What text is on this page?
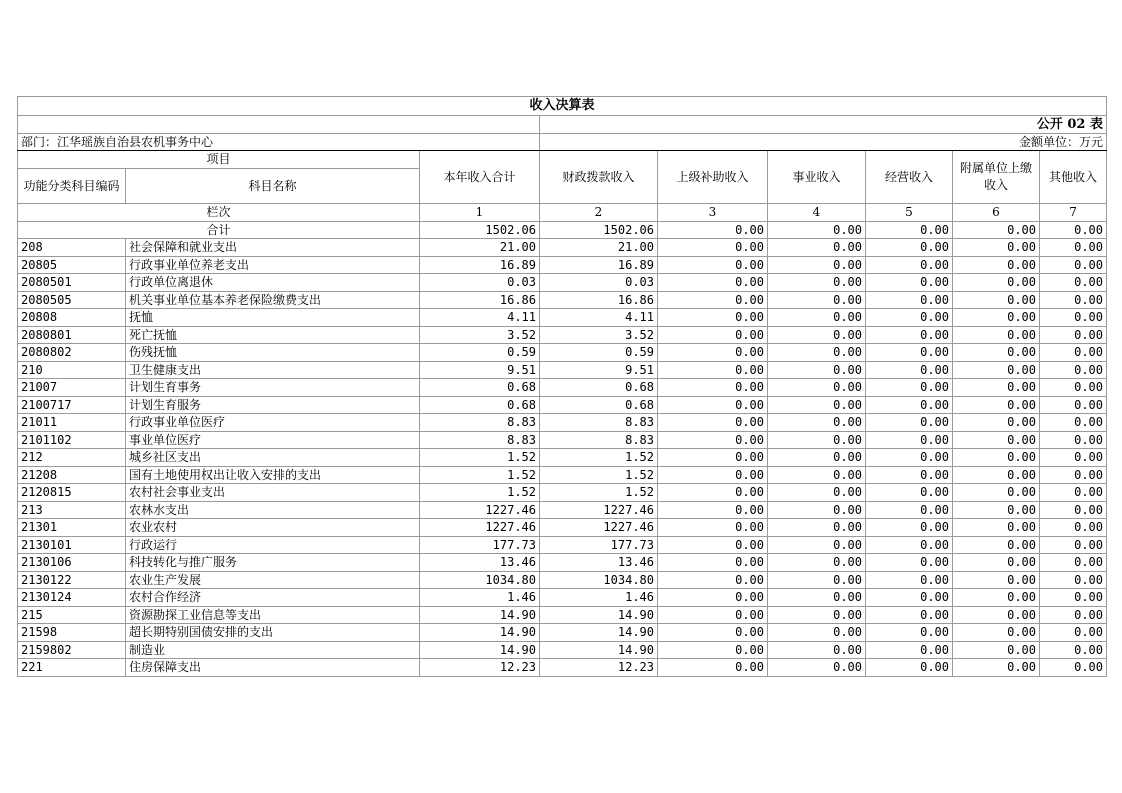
收入决算表								
			公开 02 表					
部门：江华瑶族自治县农机事务中心			金额单位：万元					
项目		本年收入合计	财政拨款收入	上级补助收入	事业收入	经营收入	附属单位上缴收入	其他收入
功能分类科目编码	科目名称							
栏次		1	2	3	4	5	6	7
合计		1502.06	1502.06	0.00	0.00	0.00	0.00	0.00
208	社会保障和就业支出	21.00	21.00	0.00	0.00	0.00	0.00	0.00
20805	行政事业单位养老支出	16.89	16.89	0.00	0.00	0.00	0.00	0.00
2080501	行政单位离退休	0.03	0.03	0.00	0.00	0.00	0.00	0.00
2080505	机关事业单位基本养老保险缴费支出	16.86	16.86	0.00	0.00	0.00	0.00	0.00
20808	抚恤	4.11	4.11	0.00	0.00	0.00	0.00	0.00
2080801	死亡抚恤	3.52	3.52	0.00	0.00	0.00	0.00	0.00
2080802	伤残抚恤	0.59	0.59	0.00	0.00	0.00	0.00	0.00
210	卫生健康支出	9.51	9.51	0.00	0.00	0.00	0.00	0.00
21007	计划生育事务	0.68	0.68	0.00	0.00	0.00	0.00	0.00
2100717	计划生育服务	0.68	0.68	0.00	0.00	0.00	0.00	0.00
21011	行政事业单位医疗	8.83	8.83	0.00	0.00	0.00	0.00	0.00
2101102	事业单位医疗	8.83	8.83	0.00	0.00	0.00	0.00	0.00
212	城乡社区支出	1.52	1.52	0.00	0.00	0.00	0.00	0.00
21208	国有土地使用权出让收入安排的支出	1.52	1.52	0.00	0.00	0.00	0.00	0.00
2120815	农村社会事业支出	1.52	1.52	0.00	0.00	0.00	0.00	0.00
213	农林水支出	1227.46	1227.46	0.00	0.00	0.00	0.00	0.00
21301	农业农村	1227.46	1227.46	0.00	0.00	0.00	0.00	0.00
2130101	行政运行	177.73	177.73	0.00	0.00	0.00	0.00	0.00
2130106	科技转化与推广服务	13.46	13.46	0.00	0.00	0.00	0.00	0.00
2130122	农业生产发展	1034.80	1034.80	0.00	0.00	0.00	0.00	0.00
2130124	农村合作经济	1.46	1.46	0.00	0.00	0.00	0.00	0.00
215	资源勘探工业信息等支出	14.90	14.90	0.00	0.00	0.00	0.00	0.00
21598	超长期特别国债安排的支出	14.90	14.90	0.00	0.00	0.00	0.00	0.00
2159802	制造业	14.90	14.90	0.00	0.00	0.00	0.00	0.00
221	住房保障支出	12.23	12.23	0.00	0.00	0.00	0.00	0.00
